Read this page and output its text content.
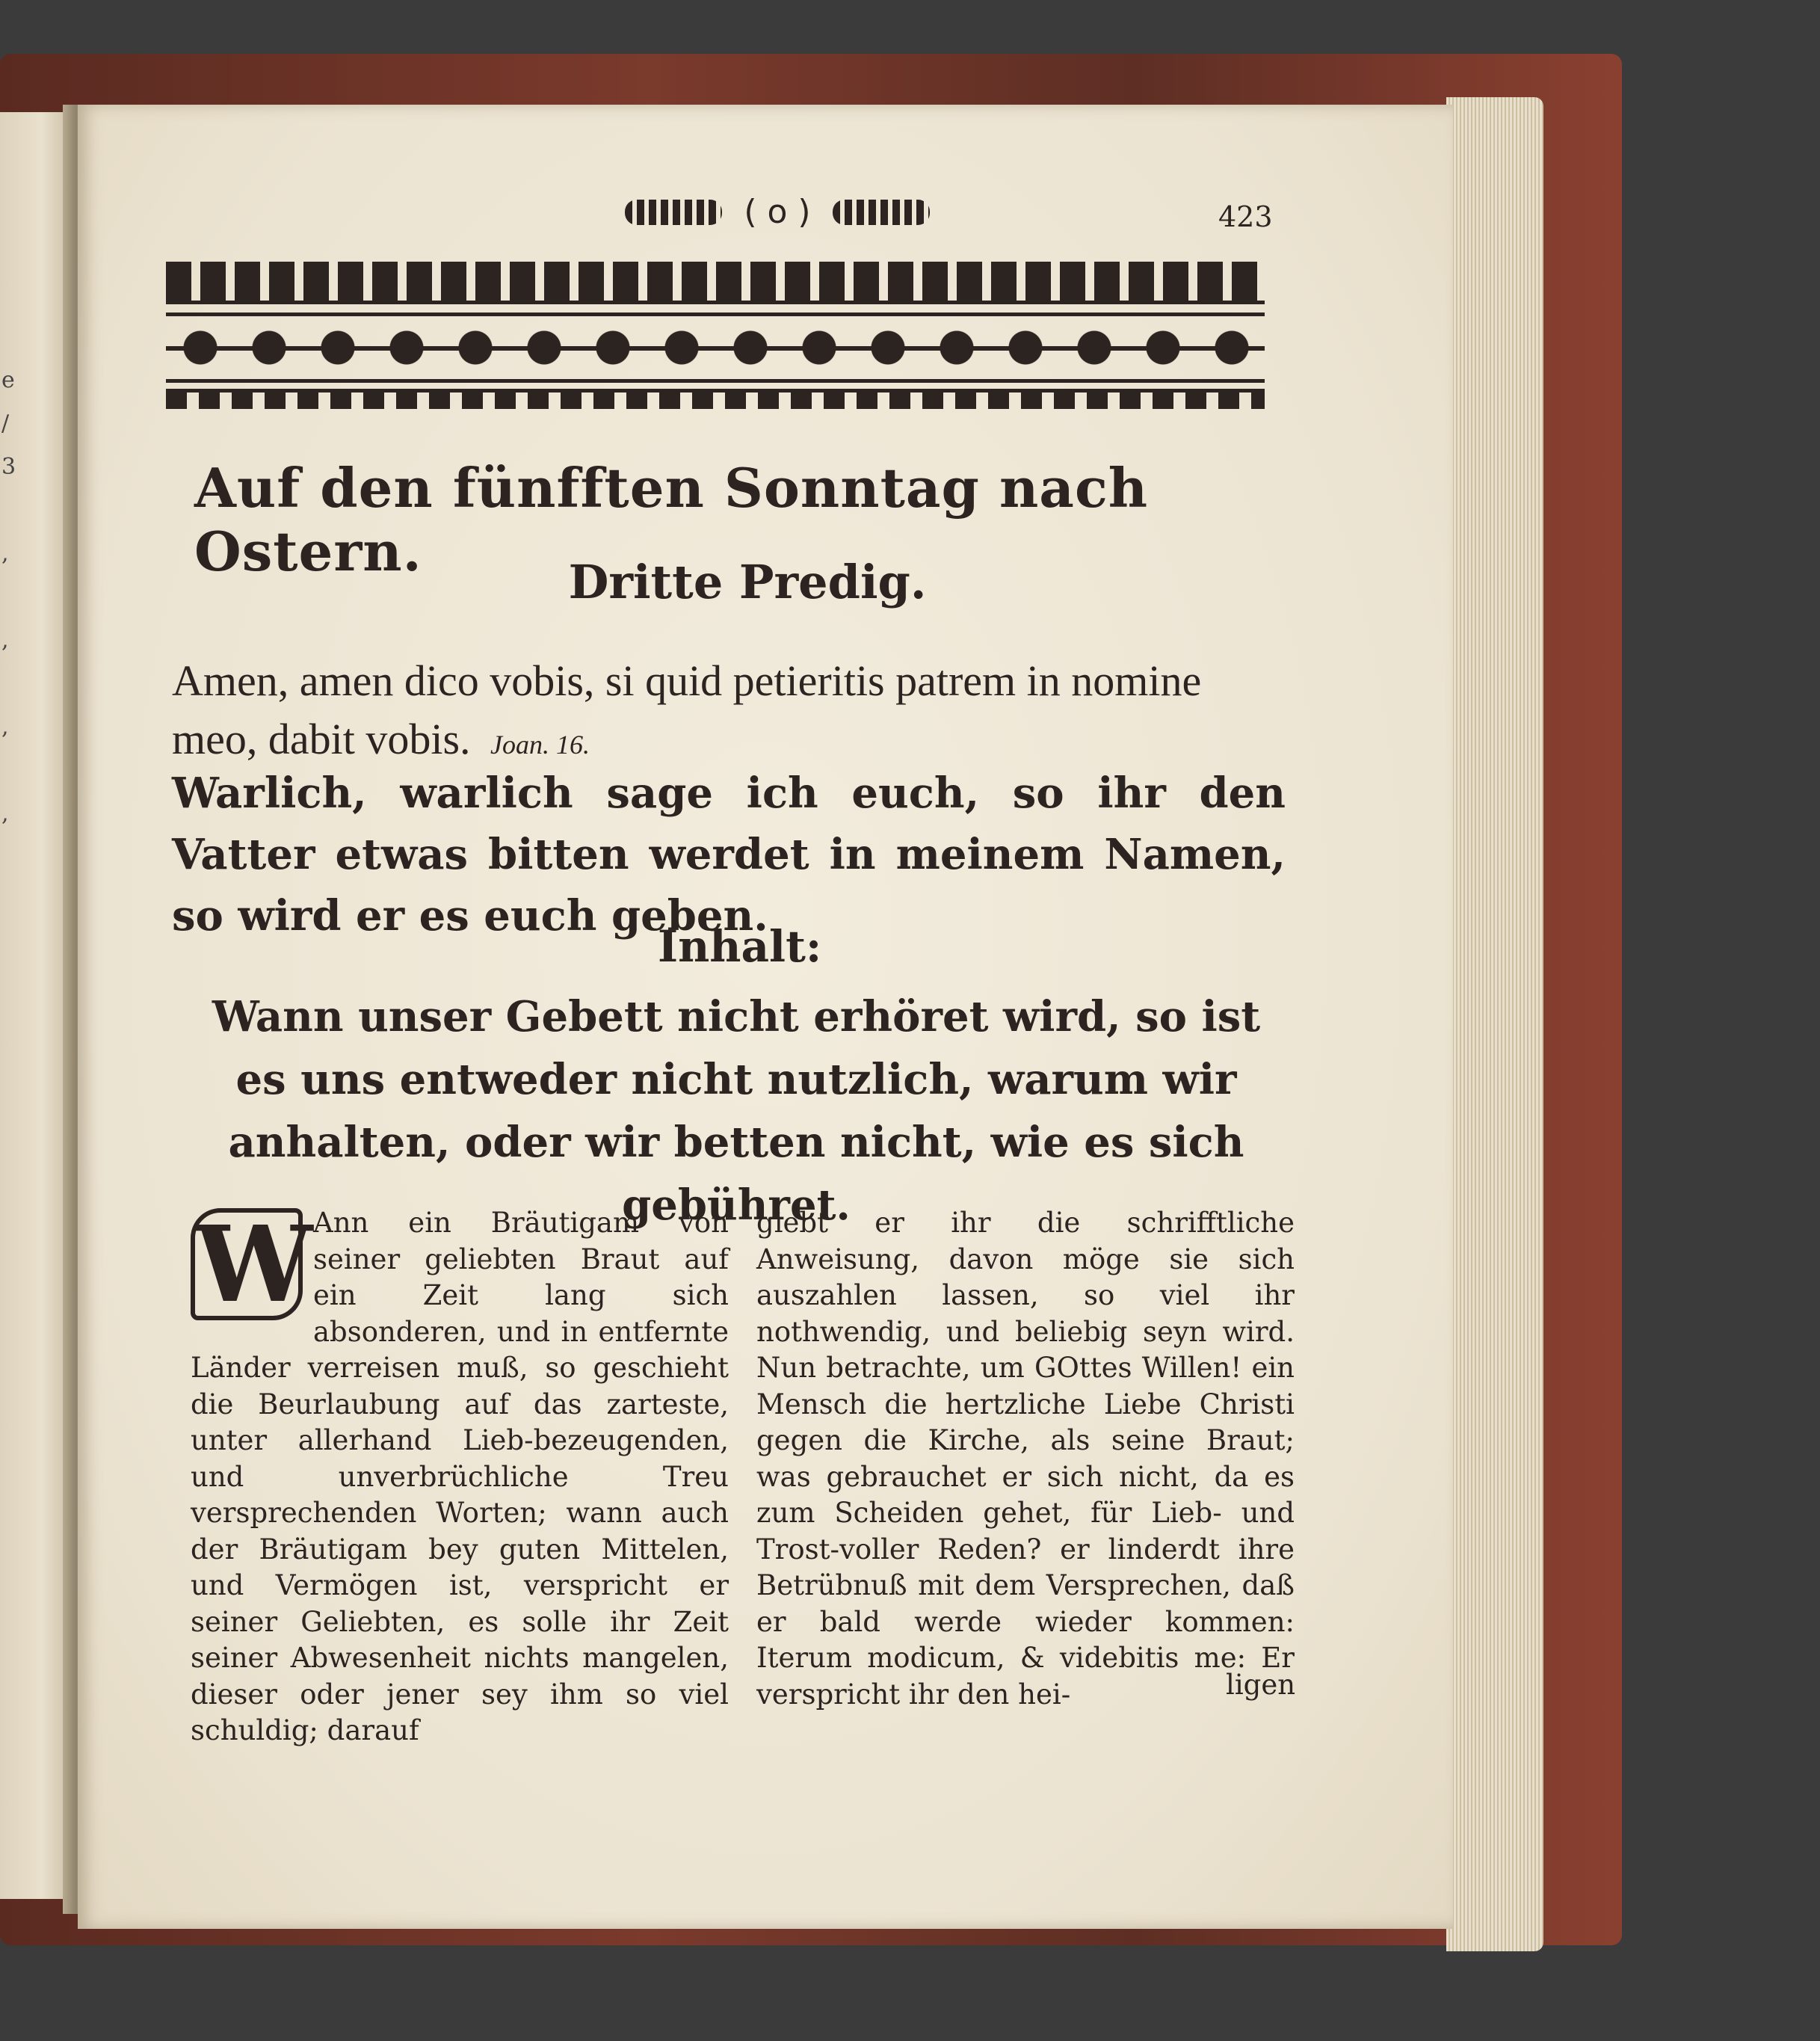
e
/
3

,

,

,

,
( o )	423
Auf den fünfften Sonntag nach Ostern.	Dritte Predig.
Amen, amen dico vobis, si quid petieritis patrem in nomine meo, dabit vobis. Joan. 16.
Warlich, warlich sage ich euch, so ihr den Vatter etwas bitten werdet in meinem Namen, so wird er es euch geben.
Inhalt:
Wann unser Gebett nicht erhöret wird, so ist es uns entweder nicht nutzlich, warum wir anhalten, oder wir betten nicht, wie es sich gebühret.
W Ann ein Bräutigam von seiner geliebten Braut auf ein Zeit lang sich absonderen, und in entfernte Länder verreisen muß, so geschieht die Beurlaubung auf das zarteste, unter allerhand Lieb-bezeugenden, und unverbrüchliche Treu versprechenden Worten; wann auch der Bräutigam bey guten Mittelen, und Vermögen ist, verspricht er seiner Geliebten, es solle ihr Zeit seiner Abwesenheit nichts mangelen, dieser oder jener sey ihm so viel schuldig; darauf
giebt er ihr die schrifftliche Anweisung, davon möge sie sich auszahlen lassen, so viel ihr nothwendig, und beliebig seyn wird. Nun betrachte, um GOttes Willen! ein Mensch die hertzliche Liebe Christi gegen die Kirche, als seine Braut; was gebrauchet er sich nicht, da es zum Scheiden gehet, für Lieb- und Trost-voller Reden? er linderdt ihre Betrübnuß mit dem Versprechen, daß er bald werde wieder kommen: Iterum modicum, & videbitis me: Er verspricht ihr den hei-	ligen
